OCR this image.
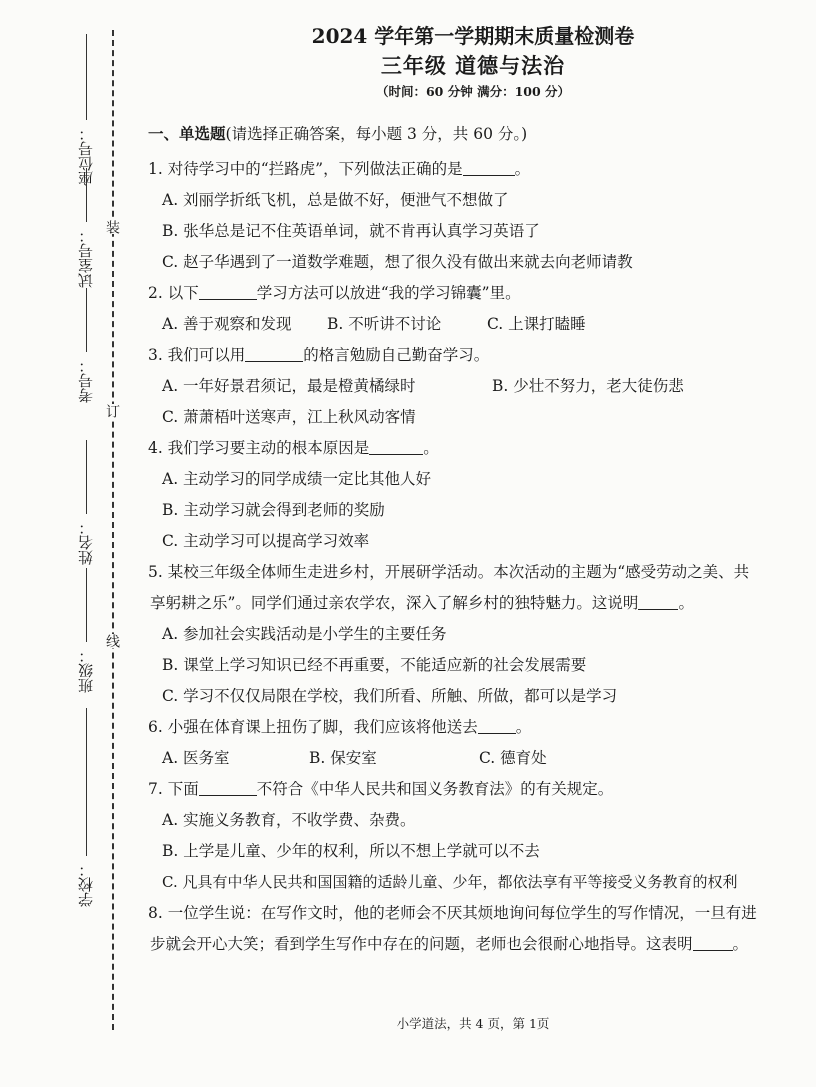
座位号：
试室号：
考号：
姓名：
班级：
学校：
装
订
线
2024 学年第一学期期末质量检测卷
三年级 道德与法治
（时间：60 分钟 满分：100 分）
一、单选题(请选择正确答案，每小题 3 分，共 60 分。)
1. 对待学习中的“拦路虎”，下列做法正确的是	。
A. 刘丽学折纸飞机，总是做不好，便泄气不想做了
B. 张华总是记不住英语单词，就不肯再认真学习英语了
C. 赵子华遇到了一道数学难题，想了很久没有做出来就去向老师请教
2. 以下	学习方法可以放进“我的学习锦囊”里。
A. 善于观察和发现	B. 不听讲不讨论	C. 上课打瞌睡
3. 我们可以用	的格言勉励自己勤奋学习。
A. 一年好景君须记，最是橙黄橘绿时	B. 少壮不努力，老大徒伤悲
C. 萧萧梧叶送寒声，江上秋风动客情
4. 我们学习要主动的根本原因是	。
A. 主动学习的同学成绩一定比其他人好
B. 主动学习就会得到老师的奖励
C. 主动学习可以提高学习效率
5. 某校三年级全体师生走进乡村，开展研学活动。本次活动的主题为“感受劳动之美、共
享躬耕之乐”。同学们通过亲农学农，深入了解乡村的独特魅力。这说明	。
A. 参加社会实践活动是小学生的主要任务
B. 课堂上学习知识已经不再重要，不能适应新的社会发展需要
C. 学习不仅仅局限在学校，我们所看、所触、所做，都可以是学习
6. 小强在体育课上扭伤了脚，我们应该将他送去 。
A. 医务室	B. 保安室	C. 德育处
7. 下面	不符合《中华人民共和国义务教育法》的有关规定。
A. 实施义务教育，不收学费、杂费。
B. 上学是儿童、少年的权利，所以不想上学就可以不去
C. 凡具有中华人民共和国国籍的适龄儿童、少年，都依法享有平等接受义务教育的权利
8. 一位学生说：在写作文时，他的老师会不厌其烦地询问每位学生的写作情况，一旦有进
步就会开心大笑；看到学生写作中存在的问题，老师也会很耐心地指导。这表明	。
小学道法，共 4 页，第 1页
